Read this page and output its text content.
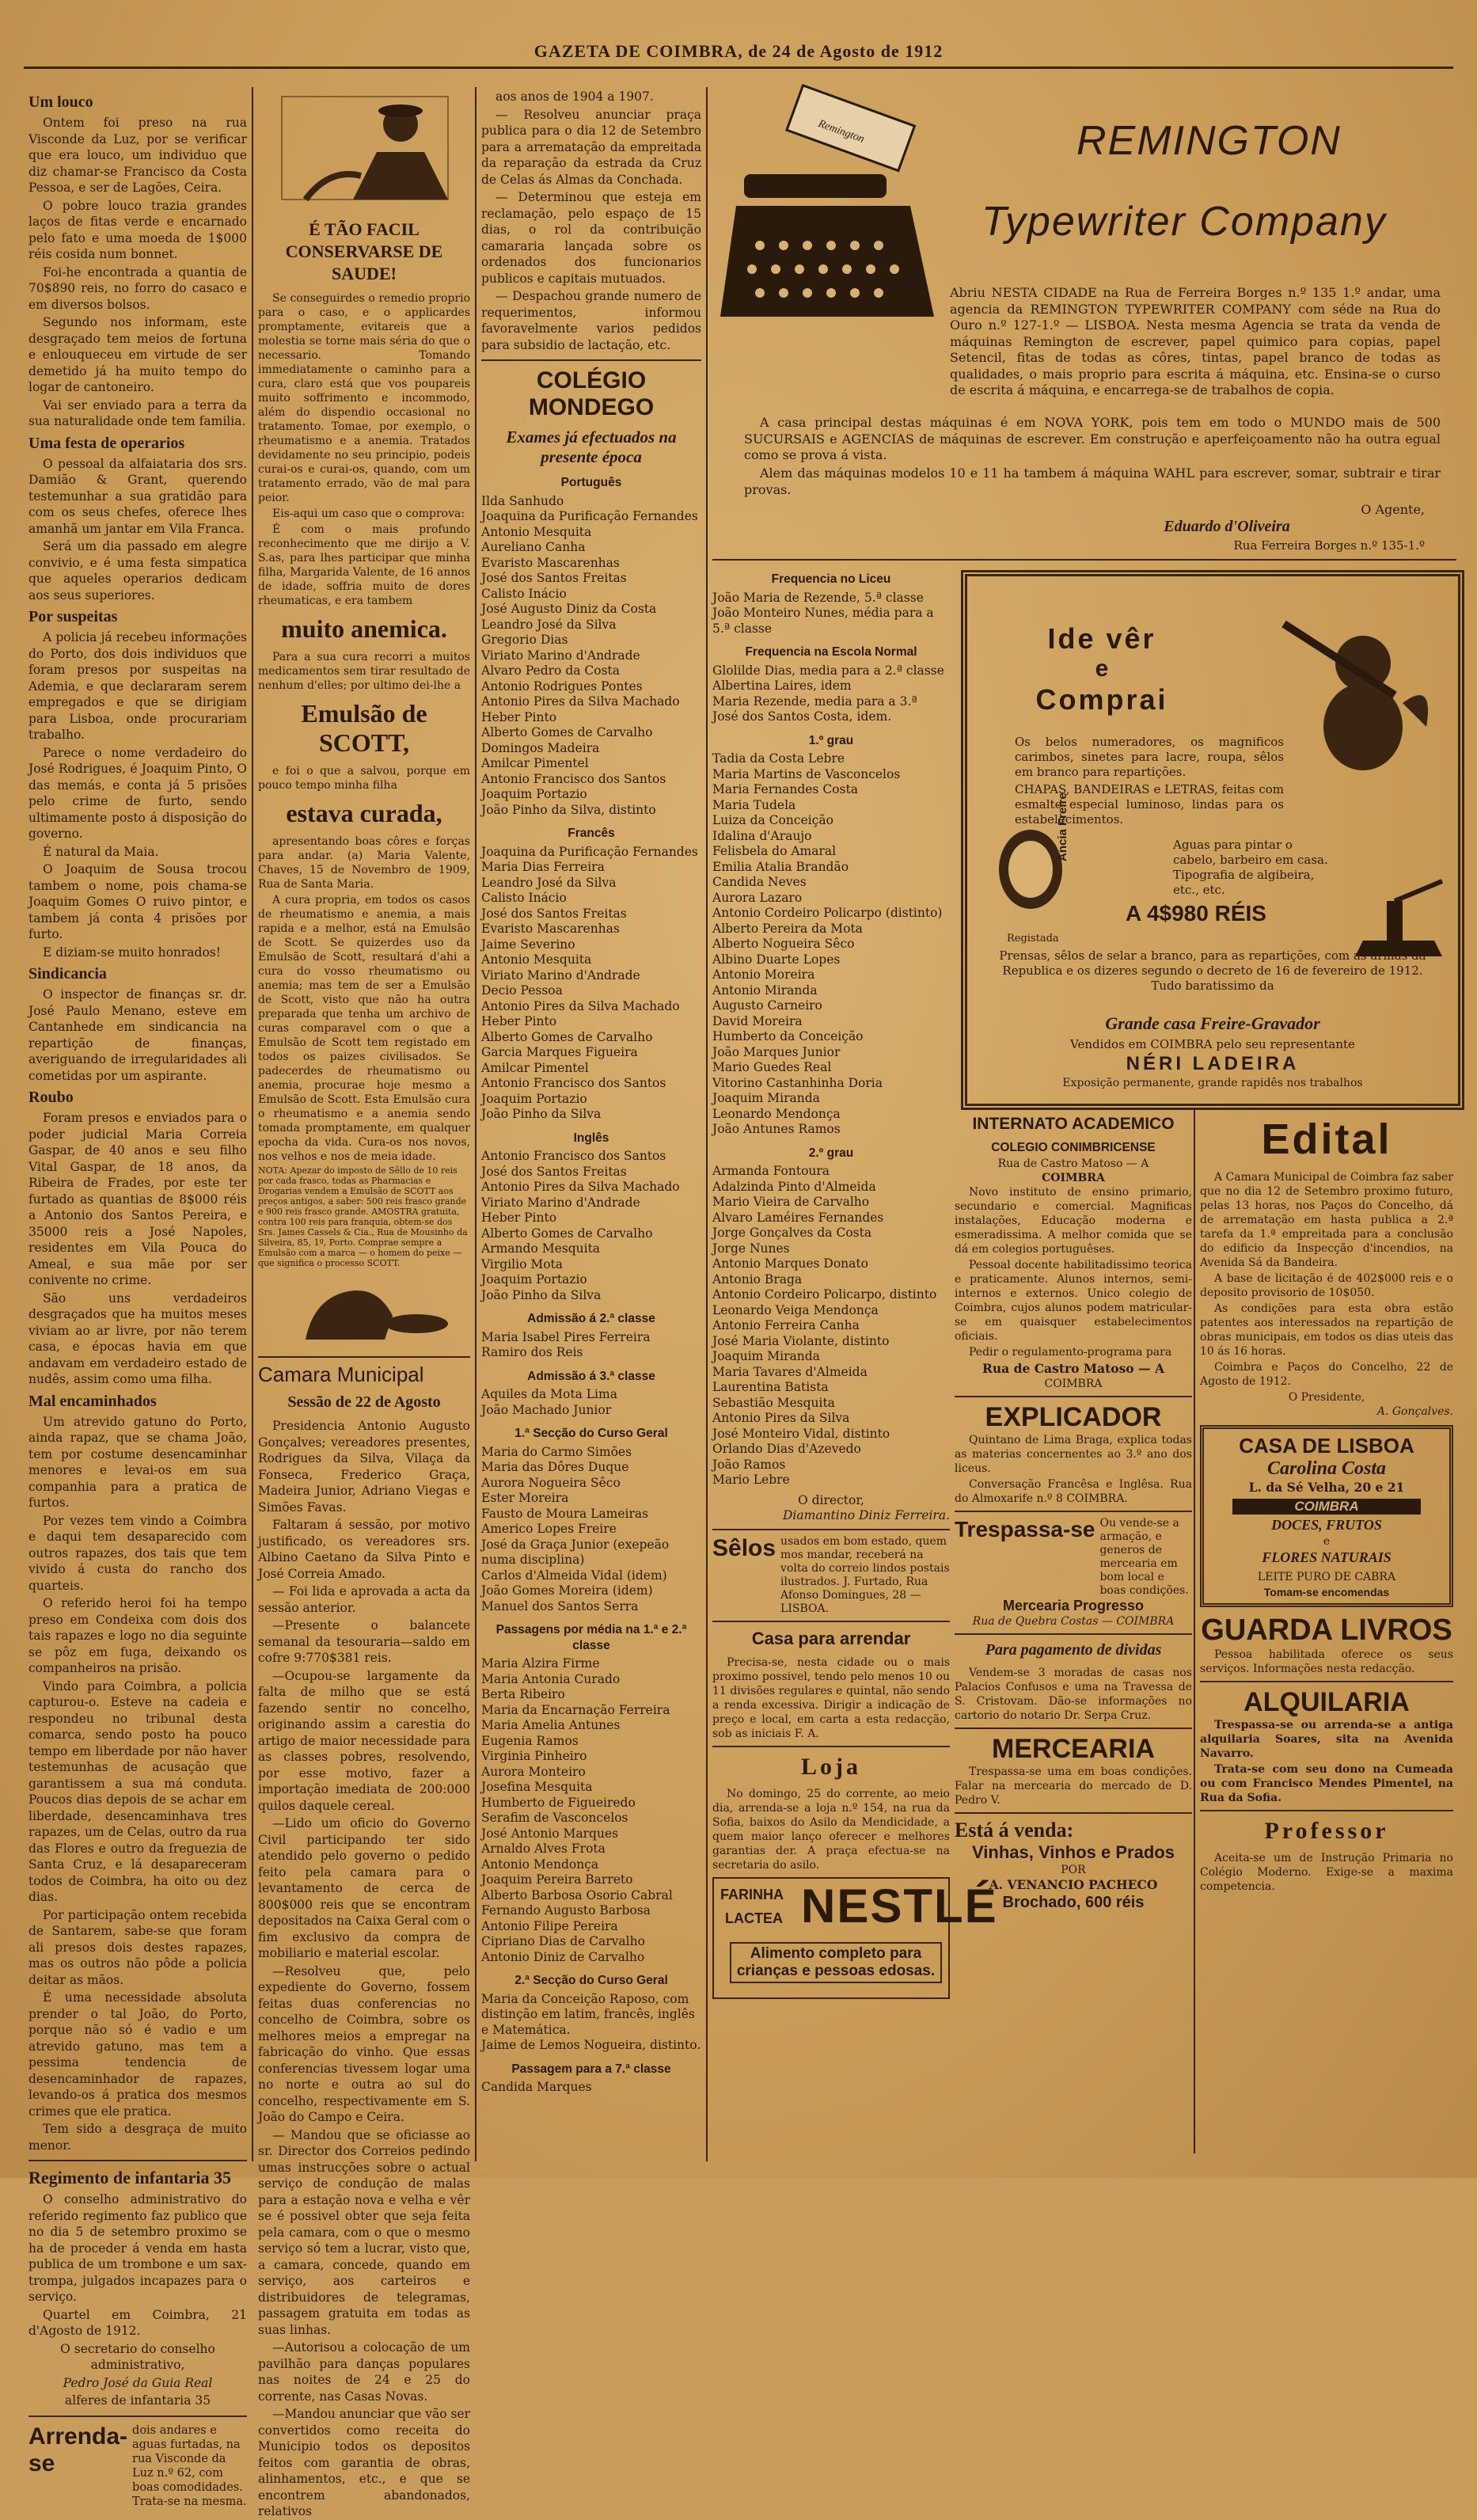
GAZETA DE COIMBRA, de 24 de Agosto de 1912
Um louco

Ontem foi preso na rua Visconde da Luz, por se verificar que era louco, um individuo que diz chamar-se Francisco da Costa Pessoa, e ser de Lagões, Ceira.

O pobre louco trazia grandes laços de fitas verde e encarnado pelo fato e uma moeda de 1$000 réis cosida num bonnet.

Foi-he encontrada a quantia de 70$890 reis, no forro do casaco e em diversos bolsos.

Segundo nos informam, este desgraçado tem meios de fortuna e enlouqueceu em virtude de ser demetido já ha muito tempo do logar de cantoneiro.

Vai ser enviado para a terra da sua naturalidade onde tem familia.

Uma festa de operarios

O pessoal da alfaiataria dos srs. Damião & Grant, querendo testemunhar a sua gratidão para com os seus chefes, oferece lhes amanhã um jantar em Vila Franca.

Será um dia passado em alegre convivio, e é uma festa simpatica que aqueles operarios dedicam aos seus superiores.

Por suspeitas

A policia já recebeu informações do Porto, dos dois individuos que foram presos por suspeitas na Ademia, e que declararam serem empregados e que se dirigiam para Lisboa, onde procurariam trabalho.

Parece o nome verdadeiro do José Rodrigues, é Joaquim Pinto, O das memás, e conta já 5 prisões pelo crime de furto, sendo ultimamente posto á disposição do governo.

É natural da Maia.

O Joaquim de Sousa trocou tambem o nome, pois chama-se Joaquim Gomes O ruivo pintor, e tambem já conta 4 prisões por furto.

E diziam-se muito honrados!

Sindicancia

O inspector de finanças sr. dr. José Paulo Menano, esteve em Cantanhede em sindicancia na repartição de finanças, averiguando de irregularidades ali cometidas por um aspirante.

Roubo

Foram presos e enviados para o poder judicial Maria Correia Gaspar, de 40 anos e seu filho Vital Gaspar, de 18 anos, da Ribeira de Frades, por este ter furtado as quantias de 8$000 réis a Antonio dos Santos Pereira, e 35000 reis a José Napoles, residentes em Vila Pouca do Ameal, e sua mãe por ser conivente no crime.

São uns verdadeiros desgraçados que ha muitos meses viviam ao ar livre, por não terem casa, e épocas havia em que andavam em verdadeiro estado de nudês, assim como uma filha.

Mal encaminhados

Um atrevido gatuno do Porto, ainda rapaz, que se chama João, tem por costume desencaminhar menores e levai-os em sua companhia para a pratica de furtos.

Por vezes tem vindo a Coimbra e daqui tem desaparecido com outros rapazes, dos tais que tem vivido á custa do rancho dos quarteis.

O referido heroi foi ha tempo preso em Condeixa com dois dos tais rapazes e logo no dia seguinte se pôz em fuga, deixando os companheiros na prisão.

Vindo para Coimbra, a policia capturou-o. Esteve na cadeia e respondeu no tribunal desta comarca, sendo posto ha pouco tempo em liberdade por não haver testemunhas de acusação que garantissem a sua má conduta. Poucos dias depois de se achar em liberdade, desencaminhava tres rapazes, um de Celas, outro da rua das Flores e outro da freguezia de Santa Cruz, e lá desapareceram todos de Coimbra, ha oito ou dez dias.

Por participação ontem recebida de Santarem, sabe-se que foram ali presos dois destes rapazes, mas os outros não pôde a policia deitar as mãos.

É uma necessidade absoluta prender o tal João, do Porto, porque não só é vadio e um atrevido gatuno, mas tem a pessima tendencia de desencaminhador de rapazes, levando-os á pratica dos mesmos crimes que ele pratica.

Tem sido a desgraça de muito menor.

Regimento de infantaria 35

O conselho administrativo do referido regimento faz publico que no dia 5 de setembro proximo se ha de proceder á venda em hasta publica de um trombone e um sax-trompa, julgados incapazes para o serviço.

Quartel em Coimbra, 21 d'Agosto de 1912.

O secretario do conselho administrativo,

Pedro José da Guia Real

alferes de infantaria 35

Arrenda-se
dois andares e aguas furtadas, na rua Visconde da Luz n.º 62, com boas comodidades. Trata-se na mesma.
É TÃO FACIL CONSERVARSE DE SAUDE!

Se conseguirdes o remedio proprio para o caso, e o applicardes promptamente, evitareis que a molestia se torne mais séria do que o necessario. Tomando immediatamente o caminho para a cura, claro está que vos poupareis muito soffrimento e incommodo, além do dispendio occasional no tratamento. Tomae, por exemplo, o rheumatismo e a anemia. Tratados devidamente no seu principio, podeis curai-os e curai-os, quando, com um tratamento errado, vão de mal para peior.

Eis-aqui um caso que o comprova:

É com o mais profundo reconhecimento que me dirijo a V. S.as, para lhes participar que minha filha, Margarida Valente, de 16 annos de idade, soffria muito de dores rheumaticas, e era tambem

muito anemica.

Para a sua cura recorri a muitos medicamentos sem tirar resultado de nenhum d'elles; por ultimo dei-lhe a

Emulsão de SCOTT,

e foi o que a salvou, porque em pouco tempo minha filha

estava curada,

apresentando boas côres e forças para andar. (a) Maria Valente, Chaves, 15 de Novembro de 1909, Rua de Santa Maria.

A cura propria, em todos os casos de rheumatismo e anemia, a mais rapida e a melhor, está na Emulsão de Scott. Se quizerdes uso da Emulsão de Scott, resultará d'ahi a cura do vosso rheumatismo ou anemia; mas tem de ser a Emulsão de Scott, visto que não ha outra preparada que tenha um archivo de curas comparavel com o que a Emulsão de Scott tem registado em todos os paizes civilisados. Se padecerdes de rheumatismo ou anemia, procurae hoje mesmo a Emulsão de Scott. Esta Emulsão cura o rheumatismo e a anemia sendo tomada promptamente, em qualquer epocha da vida. Cura-os nos novos, nos velhos e nos de meia idade.

NOTA: Apezar do imposto de Sêllo de 10 reis por cada frasco, todas as Pharmacias e Drogarias vendem a Emulsão de SCOTT aos preços antigos, a saber: 500 reis frasco grande e 900 reis frasco grande. AMOSTRA gratuita, contra 100 reis para franquia, obtem-se dos Srs. James Cassels & Cia., Rua de Mousinho da Silveira, 85, 1º, Porto. Comprae sempre a Emulsão com a marca — o homem do peixe — que significa o processo SCOTT.
Camara Municipal
Sessão de 22 de Agosto

Presidencia Antonio Augusto Gonçalves; vereadores presentes, Rodrigues da Silva, Vilaça da Fonseca, Frederico Graça, Madeira Junior, Adriano Viegas e Simões Favas.

Faltaram á sessão, por motivo justificado, os vereadores srs. Albino Caetano da Silva Pinto e José Correia Amado.

— Foi lida e aprovada a acta da sessão anterior.

—Presente o balancete semanal da tesouraria—saldo em cofre 9:770$381 reis.

—Ocupou-se largamente da falta de milho que se está fazendo sentir no concelho, originando assim a carestia do artigo de maior necessidade para as classes pobres, resolvendo, por esse motivo, fazer a importação imediata de 200:000 quilos daquele cereal.

—Lido um oficio do Governo Civil participando ter sido atendido pelo governo o pedido feito pela camara para o levantamento de cerca de 800$000 reis que se encontram depositados na Caixa Geral com o fim exclusivo da compra de mobiliario e material escolar.

—Resolveu que, pelo expediente do Governo, fossem feitas duas conferencias no concelho de Coimbra, sobre os melhores meios a empregar na fabricação do vinho. Que essas conferencias tivessem logar uma no norte e outra ao sul do concelho, respectivamente em S. João do Campo e Ceira.

— Mandou que se oficiasse ao sr. Director dos Correios pedindo umas instrucções sobre o actual serviço de condução de malas para a estação nova e velha e vêr se é possivel obter que seja feita pela camara, com o que o mesmo serviço só tem a lucrar, visto que, a camara, concede, quando em serviço, aos carteiros e distribuidores de telegramas, passagem gratuita em todas as suas linhas.

—Autorisou a colocação de um pavilhão para danças populares nas noites de 24 e 25 do corrente, nas Casas Novas.

—Mandou anunciar que vão ser convertidos como receita do Municipio todos os depositos feitos com garantia de obras, alinhamentos, etc., e que se encontrem abandonados, relativos

aos anos de 1904 a 1907.

— Resolveu anunciar praça publica para o dia 12 de Setembro para a arrematação da empreitada da reparação da estrada da Cruz de Celas ás Almas da Conchada.

— Determinou que esteja em reclamação, pelo espaço de 15 dias, o rol da contribuição camararia lançada sobre os ordenados dos funcionarios publicos e capitais mutuados.

— Despachou grande numero de requerimentos, informou favoravelmente varios pedidos para subsidio de lactação, etc.

COLÉGIO MONDEGO
Exames já efectuados na presente época
Português
Ilda Sanhudo
Joaquina da Purificação Fernandes
Antonio Mesquita
Aureliano Canha
Evaristo Mascarenhas
José dos Santos Freitas
Calisto Inácio
José Augusto Diniz da Costa
Leandro José da Silva
Gregorio Dias
Viriato Marino d'Andrade
Alvaro Pedro da Costa
Antonio Rodrigues Pontes
Antonio Pires da Silva Machado
Heber Pinto
Alberto Gomes de Carvalho
Domingos Madeira
Amilcar Pimentel
Antonio Francisco dos Santos
Joaquim Portazio
João Pinho da Silva, distinto
Francês
Joaquina da Purificação Fernandes
Maria Dias Ferreira
Leandro José da Silva
Calisto Inácio
José dos Santos Freitas
Evaristo Mascarenhas
Jaime Severino
Antonio Mesquita
Viriato Marino d'Andrade
Decio Pessoa
Antonio Pires da Silva Machado
Heber Pinto
Alberto Gomes de Carvalho
Garcia Marques Figueira
Amilcar Pimentel
Antonio Francisco dos Santos
Joaquim Portazio
João Pinho da Silva
Inglês
Antonio Francisco dos Santos
José dos Santos Freitas
Antonio Pires da Silva Machado
Viriato Marino d'Andrade
Heber Pinto
Alberto Gomes de Carvalho
Armando Mesquita
Virgilio Mota
Joaquim Portazio
João Pinho da Silva
Admissão á 2.ª classe
Maria Isabel Pires Ferreira
Ramiro dos Reis
Admissão á 3.ª classe
Aquiles da Mota Lima
João Machado Junior
1.ª Secção do Curso Geral
Maria do Carmo Simões
Maria das Dôres Duque
Aurora Nogueira Sêco
Ester Moreira
Fausto de Moura Lameiras
Americo Lopes Freire
José da Graça Junior (exepeão numa disciplina)
Carlos d'Almeida Vidal (idem)
João Gomes Moreira (idem)
Manuel dos Santos Serra
Passagens por média na 1.ª e 2.ª classe
Maria Alzira Firme
Maria Antonia Curado
Berta Ribeiro
Maria da Encarnação Ferreira
Maria Amelia Antunes
Eugenia Ramos
Virginia Pinheiro
Aurora Monteiro
Josefina Mesquita
Humberto de Figueiredo
Serafim de Vasconcelos
José Antonio Marques
Arnaldo Alves Frota
Antonio Mendonça
Joaquim Pereira Barreto
Alberto Barbosa Osorio Cabral
Fernando Augusto Barbosa
Antonio Filipe Pereira
Cipriano Dias de Carvalho
Antonio Diniz de Carvalho
2.ª Secção do Curso Geral
Maria da Conceição Raposo, com distinção em latim, francês, inglês e Matemática.
Jaime de Lemos Nogueira, distinto.
Passagem para a 7.ª classe
Candida Marques
Frequencia no Liceu
João Maria de Rezende, 5.ª classe João Monteiro Nunes, média para a 5.ª classe
Frequencia na Escola Normal
Glolilde Dias, media para a 2.ª classe
Albertina Laires, idem
Maria Rezende, media para a 3.ª
José dos Santos Costa, idem.
1.º grau
Tadia da Costa Lebre
Maria Martins de Vasconcelos
Maria Fernandes Costa
Maria Tudela
Luiza da Conceição
Idalina d'Araujo
Felisbela do Amaral
Emilia Atalia Brandão
Candida Neves
Aurora Lazaro
Antonio Cordeiro Policarpo (distinto)
Alberto Pereira da Mota
Alberto Nogueira Sêco
Albino Duarte Lopes
Antonio Moreira
Antonio Miranda
Augusto Carneiro
David Moreira
Humberto da Conceição
João Marques Junior
Mario Guedes Real
Vitorino Castanhinha Doria
Joaquim Miranda
Leonardo Mendonça
João Antunes Ramos
2.º grau
Armanda Fontoura
Adalzinda Pinto d'Almeida
Mario Vieira de Carvalho
Alvaro Laméires Fernandes
Jorge Gonçalves da Costa
Jorge Nunes
Antonio Marques Donato
Antonio Braga
Antonio Cordeiro Policarpo, distinto
Leonardo Veiga Mendonça
Antonio Ferreira Canha
José Maria Violante, distinto
Joaquim Miranda
Maria Tavares d'Almeida
Laurentina Batista
Sebastião Mesquita
Antonio Pires da Silva
José Monteiro Vidal, distinto
Orlando Dias d'Azevedo
João Ramos
Mario Lebre
O director,
Diamantino Diniz Ferreira.
Sêlos usados em bom estado, quem mos mandar, receberá na volta do correio lindos postais ilustrados. J. Furtado, Rua Afonso Domingues, 28 — LISBOA.
Casa para arrendar

Precisa-se, nesta cidade ou o mais proximo possivel, tendo pelo menos 10 ou 11 divisões regulares e quintal, não sendo a renda excessiva. Dirigir a indicação de preço e local, em carta a esta redacção, sob as iniciais F. A.

Loja

No domingo, 25 do corrente, ao meio dia, arrenda-se a loja n.º 154, na rua da Sofia, baixos do Asilo da Mendicidade, a quem maior lanço oferecer e melhores garantias der. A praça efectua-se na secretaria do asilo.

FARINHA
LACTEA NESTLÉ
Alimento completo para crianças e pessoas edosas.
Remington	REMINGTON
Typewriter Company
Abriu NESTA CIDADE na Rua de Ferreira Borges n.º 135 1.º andar, uma agencia da REMINGTON TYPEWRITER COMPANY com séde na Rua do Ouro n.º 127-1.º — LISBOA. Nesta mesma Agencia se trata da venda de máquinas Remington de escrever, papel quimico para copias, papel Setencil, fitas de todas as côres, tintas, papel branco de todas as qualidades, o mais proprio para escrita á máquina, etc. Ensina-se o curso de escrita á máquina, e encarrega-se de trabalhos de copia.
A casa principal destas máquinas é em NOVA YORK, pois tem em todo o MUNDO mais de 500 SUCURSAIS e AGENCIAS de máquinas de escrever. Em construção e aperfeiçoamento não ha outra egual como se prova á vista.
Alem das máquinas modelos 10 e 11 ha tambem á máquina WAHL para escrever, somar, subtrair e tirar provas.
O Agente,
Eduardo d'Oliveira
Rua Ferreira Borges n.º 135-1.º
Ide vêr
e
Comprai
Os belos numeradores, os magnificos carimbos, sinetes para lacre, roupa, sêlos em branco para repartições.
CHAPAS, BANDEIRAS e LETRAS, feitas com esmalte especial luminoso, lindas para os estabelecimentos.
Ancia Freire
Registada
Aguas para pintar o cabelo, barbeiro em casa. Tipografia de algibeira, etc., etc.
A 4$980 RÉIS
Prensas, sêlos de selar a branco, para as repartições, com as armas da Republica e os dizeres segundo o decreto de 16 de fevereiro de 1912. Tudo baratissimo da
Grande casa Freire-Gravador
Vendidos em COIMBRA pelo seu representante
NÉRI LADEIRA
Exposição permanente, grande rapidês nos trabalhos
INTERNATO ACADEMICO
COLEGIO CONIMBRICENSE
Rua de Castro Matoso — A
COIMBRA

Novo instituto de ensino primario, secundario e comercial. Magnificas instalações, Educação moderna e esmeradissima. A melhor comida que se dá em colegios portuguêses.

Pessoal docente habilitadissimo teorica e praticamente. Alunos internos, semi-internos e externos. Unico colegio de Coimbra, cujos alunos podem matricular-se em quaisquer estabelecimentos oficiais.

Pedir o regulamento-programa para

Rua de Castro Matoso — A
COIMBRA
EXPLICADOR

Quintano de Lima Braga, explica todas as materias concernentes ao 3.º ano dos liceus.

Conversação Francêsa e Inglêsa. Rua do Almoxarife n.º 8 COIMBRA.

Trespassa-se Ou vende-se a armação, e generos de mercearia em bom local e boas condições.
Mercearia Progresso
Rua de Quebra Costas — COIMBRA
Para pagamento de dividas

Vendem-se 3 moradas de casas nos Palacios Confusos e uma na Travessa de S. Cristovam. Dão-se informações no cartorio do notario Dr. Serpa Cruz.

MERCEARIA

Trespassa-se uma em boas condições. Falar na mercearia do mercado de D. Pedro V.

Está á venda:
Vinhas, Vinhos e Prados
POR
A. VENANCIO PACHECO
Brochado, 600 réis
Edital

A Camara Municipal de Coimbra faz saber que no dia 12 de Setembro proximo futuro, pelas 13 horas, nos Paços do Concelho, dá de arrematação em hasta publica a 2.ª tarefa da 1.ª empreitada para a conclusão do edificio da Inspecção d'incendios, na Avenida Sá da Bandeira.

A base de licitação é de 402$000 reis e o deposito provisorio de 10$050.

As condições para esta obra estão patentes aos interessados na repartição de obras municipais, em todos os dias uteis das 10 ás 16 horas.

Coimbra e Paços do Concelho, 22 de Agosto de 1912.

O Presidente,
A. Gonçalves.
CASA DE LISBOA
Carolina Costa
L. da Sé Velha, 20 e 21
COIMBRA
DOCES, FRUTOS
e
FLORES NATURAIS
LEITE PURO DE CABRA
Tomam-se encomendas
GUARDA LIVROS

Pessoa habilitada oferece os seus serviços. Informações nesta redacção.

ALQUILARIA

Trespassa-se ou arrenda-se a antiga alquilaria Soares, sita na Avenida Navarro.

Trata-se com seu dono na Cumeada ou com Francisco Mendes Pimentel, na Rua da Sofia.

Professor

Aceita-se um de Instrução Primaria no Colégio Moderno. Exige-se a maxima competencia.
